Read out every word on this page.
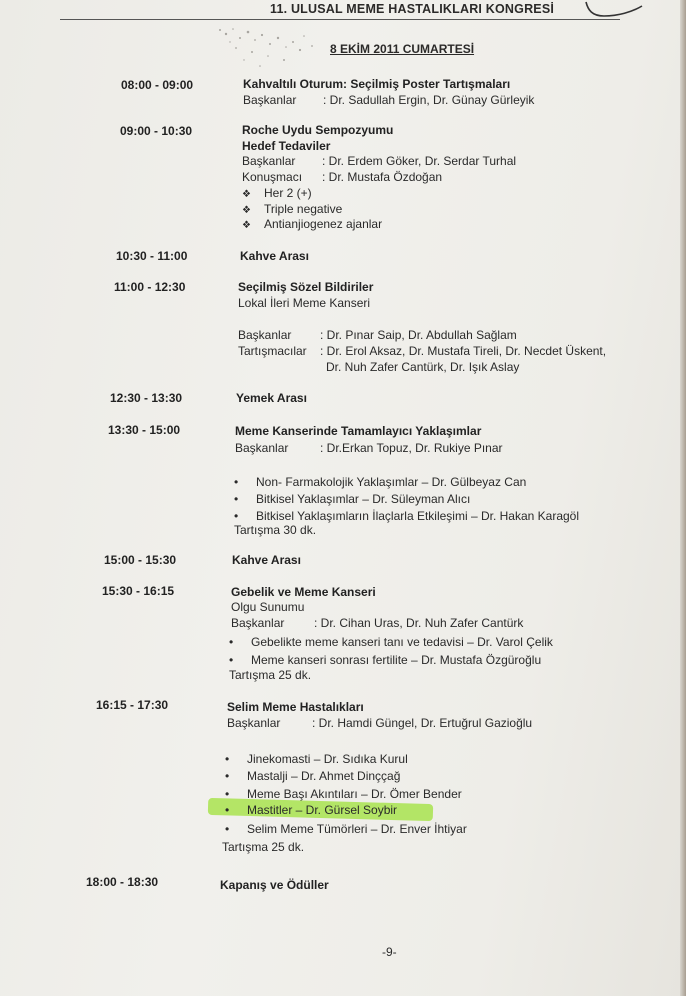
11. ULUSAL MEME HASTALIKLARI KONGRESİ
8 EKİM 2011 CUMARTESİ
08:00 - 09:00	Kahvaltılı Oturum: Seçilmiş Poster Tartışmaları
Başkanlar : Dr. Sadullah Ergin, Dr. Günay Gürleyik
09:00 - 10:30	Roche Uydu Sempozyumu
Hedef Tedaviler
Başkanlar : Dr. Erdem Göker, Dr. Serdar Turhal
Konuşmacı : Dr. Mustafa Özdoğan
❖ Her 2 (+)
❖ Triple negative
❖ Antianjiogenez ajanlar
10:30 - 11:00	Kahve Arası
11:00 - 12:30	Seçilmiş Sözel Bildiriler
Lokal İleri Meme Kanseri
Başkanlar : Dr. Pınar Saip, Dr. Abdullah Sağlam
Tartışmacılar : Dr. Erol Aksaz, Dr. Mustafa Tireli, Dr. Necdet Üskent,
Dr. Nuh Zafer Cantürk, Dr. Işık Aslay
12:30 - 13:30	Yemek Arası
13:30 - 15:00	Meme Kanserinde Tamamlayıcı Yaklaşımlar
Başkanlar	: Dr.Erkan Topuz, Dr. Rukiye Pınar
• Non- Farmakolojik Yaklaşımlar – Dr. Gülbeyaz Can
• Bitkisel Yaklaşımlar – Dr. Süleyman Alıcı
• Bitkisel Yaklaşımların İlaçlarla Etkileşimi – Dr. Hakan Karagöl
Tartışma 30 dk.
15:00 - 15:30	Kahve Arası
15:30 - 16:15	Gebelik ve Meme Kanseri
Olgu Sunumu
Başkanlar : Dr. Cihan Uras, Dr. Nuh Zafer Cantürk
• Gebelikte meme kanseri tanı ve tedavisi – Dr. Varol Çelik
• Meme kanseri sonrası fertilite – Dr. Mustafa Özgüroğlu
Tartışma 25 dk.
16:15 - 17:30	Selim Meme Hastalıkları
Başkanlar	: Dr. Hamdi Güngel, Dr. Ertuğrul Gazioğlu
• Jinekomasti – Dr. Sıdıka Kurul
• Mastalji – Dr. Ahmet Dinççağ
• Meme Başı Akıntıları – Dr. Ömer Bender
• Mastitler – Dr. Gürsel Soybir
• Selim Meme Tümörleri – Dr. Enver İhtiyar
Tartışma 25 dk.
18:00 - 18:30	Kapanış ve Ödüller
-9-
